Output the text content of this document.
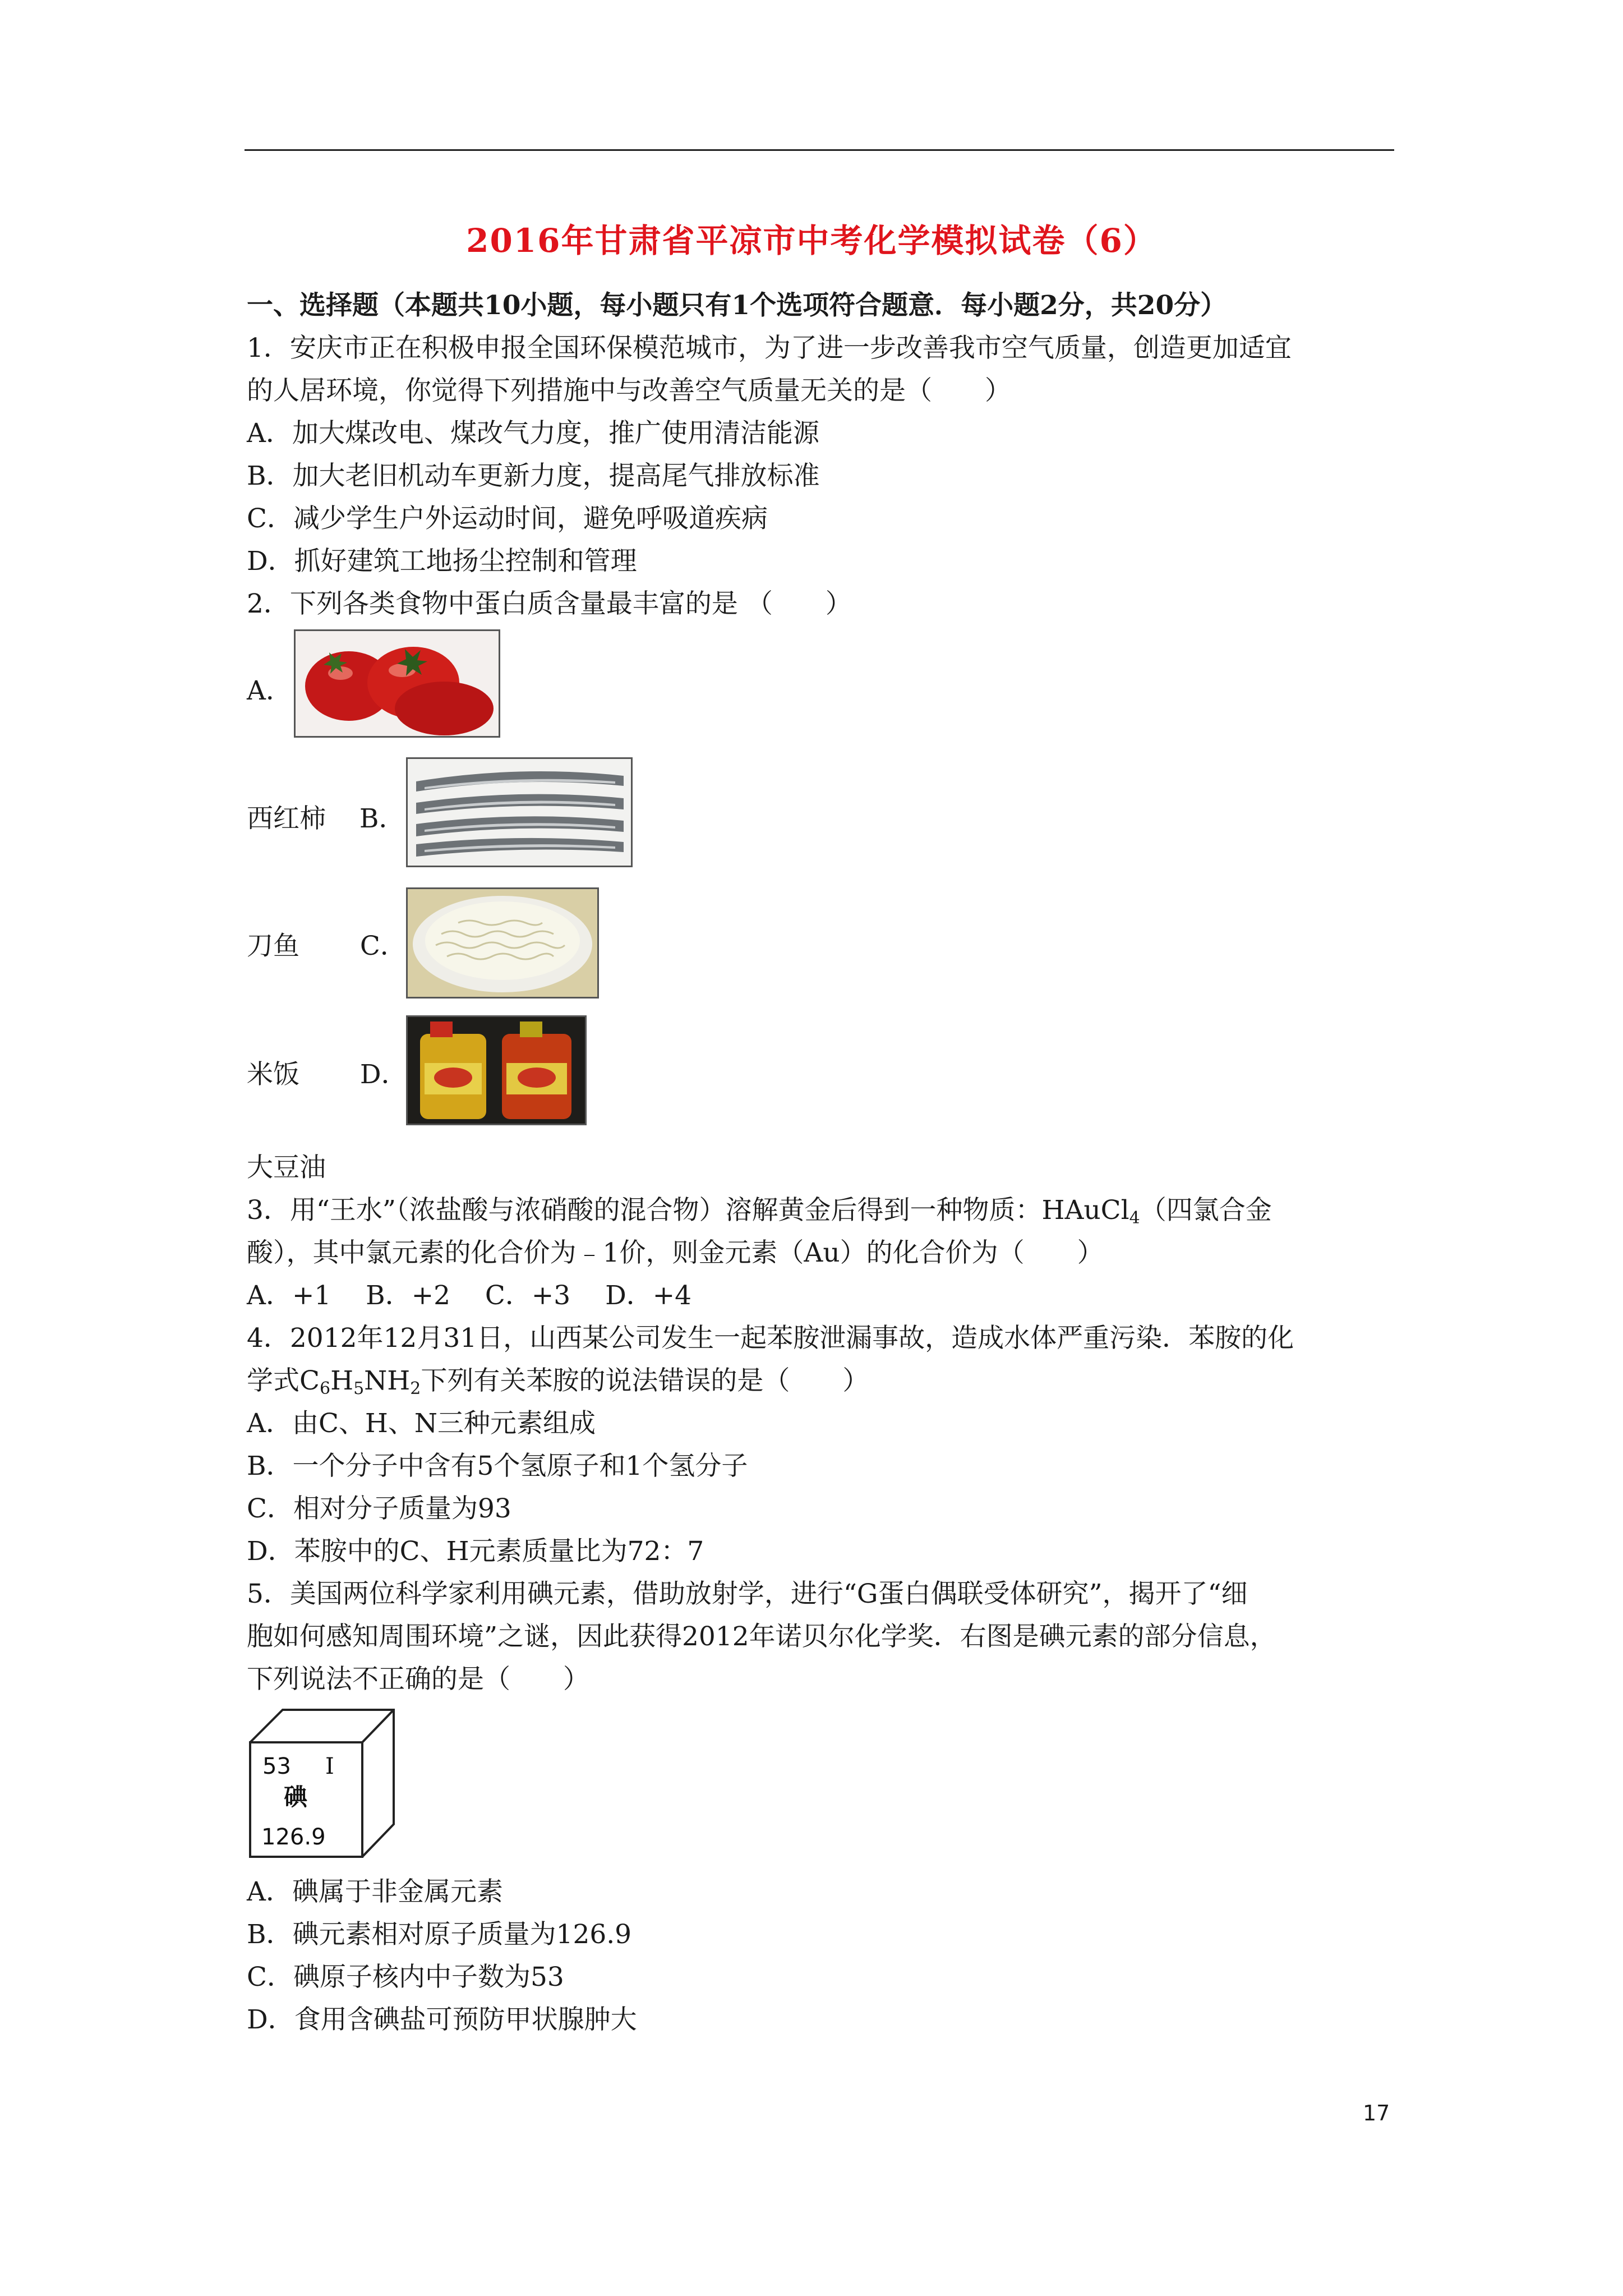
2016年甘肃省平凉市中考化学模拟试卷（6）
一、选择题（本题共10小题，每小题只有1个选项符合题意．每小题2分，共20分）
1．安庆市正在积极申报全国环保模范城市，为了进一步改善我市空气质量，创造更加适宜
的人居环境，你觉得下列措施中与改善空气质量无关的是（　　）
A．加大煤改电、煤改气力度，推广使用清洁能源
B．加大老旧机动车更新力度，提高尾气排放标准
C．减少学生户外运动时间，避免呼吸道疾病
D．抓好建筑工地扬尘控制和管理
2．下列各类食物中蛋白质含量最丰富的是 （　　）
A．
西红柿 B．
刀鱼 C．
米饭 D．
大豆油
3．用“王水”（浓盐酸与浓硝酸的混合物）溶解黄金后得到一种物质：HAuCl$_4$（四氯合金
酸），其中氯元素的化合价为﹣1价，则金元素（Au）的化合价为（　　）
A．+1　 B．+2　 C．+3　 D．+4
4．2012年12月31日，山西某公司发生一起苯胺泄漏事故，造成水体严重污染．苯胺的化
学式$C_6H_5NH_2$下列有关苯胺的说法错误的是（　　）
A．由C、H、N三种元素组成
B．一个分子中含有5个氢原子和1个氢分子
C．相对分子质量为93
D．苯胺中的C、H元素质量比为72：7
5．美国两位科学家利用碘元素，借助放射学，进行“G蛋白偶联受体研究”，揭开了“细
胞如何感知周围环境”之谜，因此获得2012年诺贝尔化学奖．右图是碘元素的部分信息，
下列说法不正确的是（　　）
53 I
碘
126.9
A．碘属于非金属元素
B．碘元素相对原子质量为126.9
C．碘原子核内中子数为53
D．食用含碘盐可预防甲状腺肿大
17
